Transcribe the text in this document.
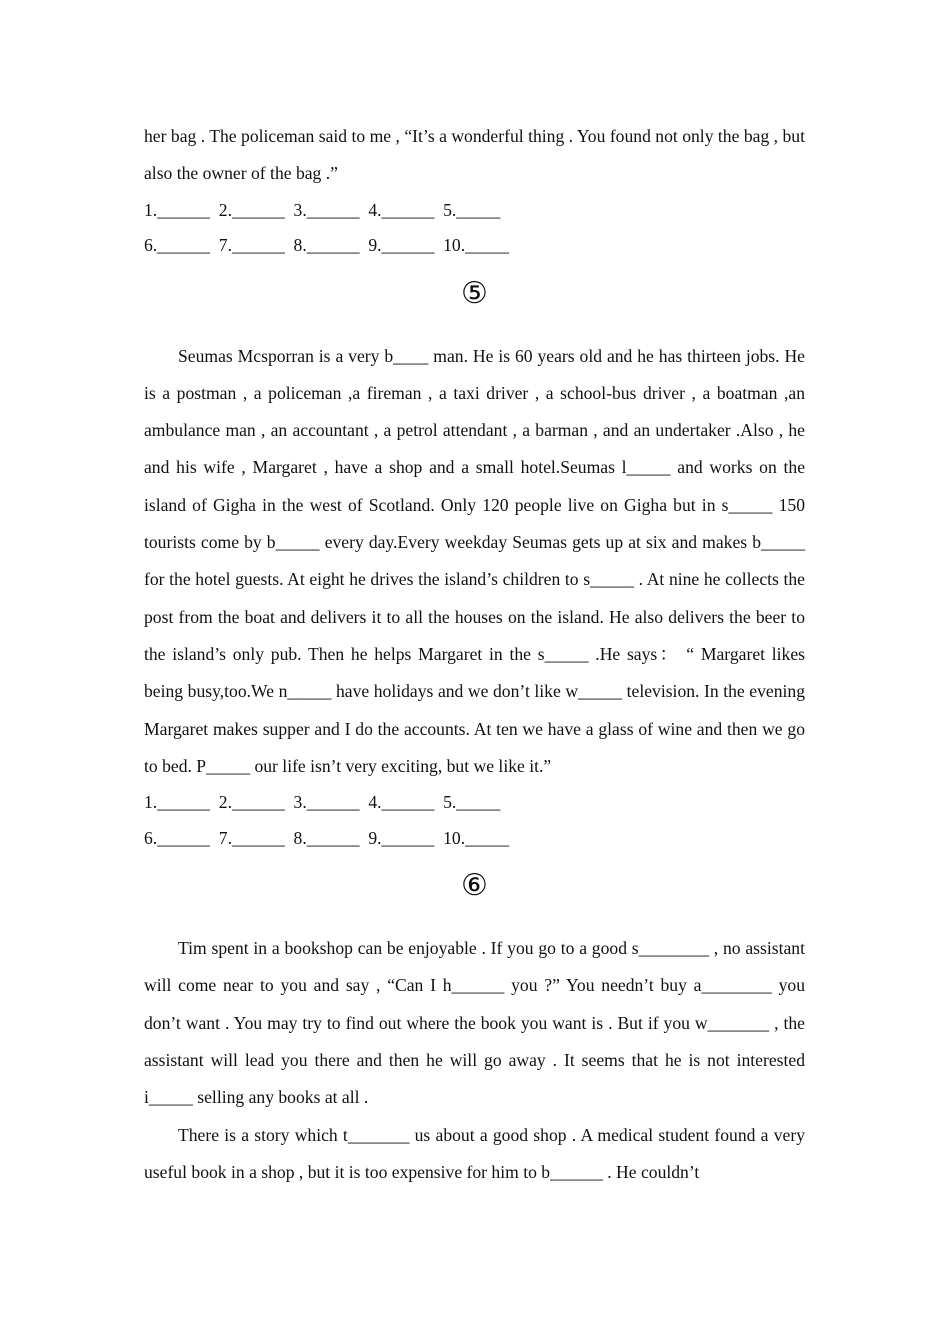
her bag . The policeman said to me , “It’s a wonderful thing . You found not only the bag , but also the owner of the bag .”

1.______  2.______  3.______  4.______  5._____
6.______  7.______  8.______  9.______  10._____
⑤

Seumas Mcsporran is a very b____ man. He is 60 years old and he has thirteen jobs. He is a postman , a policeman ,a fireman , a taxi driver , a school-bus driver , a boatman ,an ambulance man , an accountant , a petrol attendant , a barman , and an undertaker .Also , he and his wife , Margaret , have a shop and a small hotel.Seumas l_____ and works on the island of Gigha in the west of Scotland. Only 120 people live on Gigha but in s_____ 150 tourists come by b_____ every day.Every weekday Seumas gets up at six and makes b_____ for the hotel guests. At eight he drives the island’s children to s_____ . At nine he collects the post from the boat and delivers it to all the houses on the island. He also delivers the beer to the island’s only pub. Then he helps Margaret in the s_____ .He says： “ Margaret likes being busy,too.We n_____ have holidays and we don’t like w_____ television. In the evening Margaret makes supper and I do the accounts. At ten we have a glass of wine and then we go to bed. P_____ our life isn’t very exciting, but we like it.”

1.______  2.______  3.______  4.______  5._____
6.______  7.______  8.______  9.______  10._____
⑥

Tim spent in a bookshop can be enjoyable . If you go to a good s________ , no assistant will come near to you and say , “Can I h______ you ?” You needn’t buy a________ you don’t want . You may try to find out where the book you want is . But if you w_______ , the assistant will lead you there and then he will go away . It seems that he is not interested i_____ selling any books at all .

There is a story which t_______ us about a good shop . A medical student found a very useful book in a shop , but it is too expensive for him to b______ . He couldn’t
